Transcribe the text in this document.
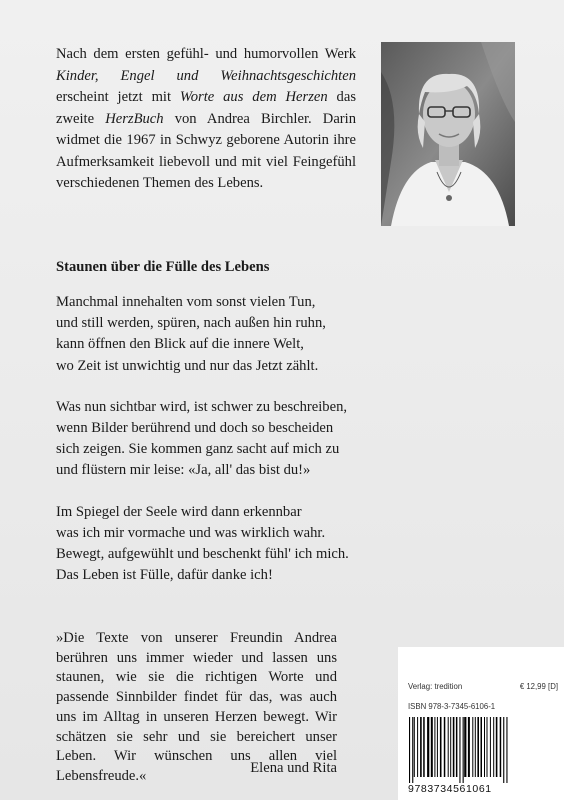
Nach dem ersten gefühl- und humorvollen Werk Kinder, Engel und Weihnachtsgeschichten erscheint jetzt mit Worte aus dem Herzen das zweite HerzBuch von Andrea Birchler. Darin widmet die 1967 in Schwyz geborene Autorin ihre Aufmerksamkeit liebevoll und mit viel Feingefühl verschiedenen Themen des Lebens.
Staunen über die Fülle des Lebens
Manchmal innehalten vom sonst vielen Tun,
und still werden, spüren, nach außen hin ruhn,
kann öffnen den Blick auf die innere Welt,
wo Zeit ist unwichtig und nur das Jetzt zählt.
Was nun sichtbar wird, ist schwer zu beschreiben,
wenn Bilder berührend und doch so bescheiden
sich zeigen. Sie kommen ganz sacht auf mich zu
und flüstern mir leise: «Ja, all' das bist du!»
Im Spiegel der Seele wird dann erkennbar
was ich mir vormache und was wirklich wahr.
Bewegt, aufgewühlt und beschenkt fühl' ich mich.
Das Leben ist Fülle, dafür danke ich!
»Die Texte von unserer Freundin Andrea berühren uns immer wieder und lassen uns staunen, wie sie die richtigen Worte und passende Sinnbilder findet für das, was auch uns im Alltag in unseren Herzen bewegt. Wir schätzen sie sehr und sie bereichert unser Leben. Wir wünschen uns allen viel Lebensfreude.«	Elena und Rita
Verlag: tredition	€ 12,99 [D]
ISBN 978-3-7345-6106-1
9783734561061
